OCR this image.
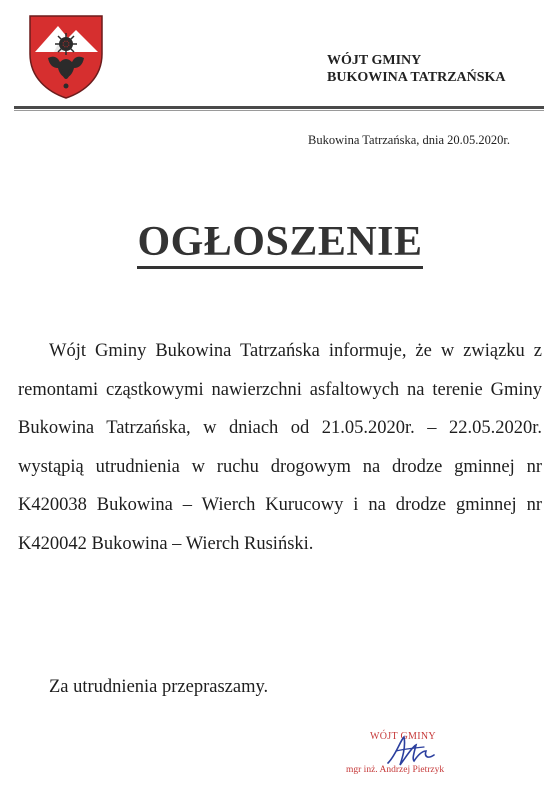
WÓJT GMINY
BUKOWINA TATRZAŃSKA
Bukowina Tatrzańska, dnia 20.05.2020r.
OGŁOSZENIE

Wójt Gminy Bukowina Tatrzańska informuje, że w związku z remontami cząstkowymi nawierzchni asfaltowych na terenie Gminy Bukowina Tatrzańska, w dniach od 21.05.2020r. – 22.05.2020r. wystąpią utrudnienia w ruchu drogowym na drodze gminnej nr K420038 Bukowina – Wierch Kurucowy i na drodze gminnej nr K420042 Bukowina – Wierch Rusiński.

Za utrudnienia przepraszamy.
WÓJT GMINY
mgr inż. Andrzej Pietrzyk
